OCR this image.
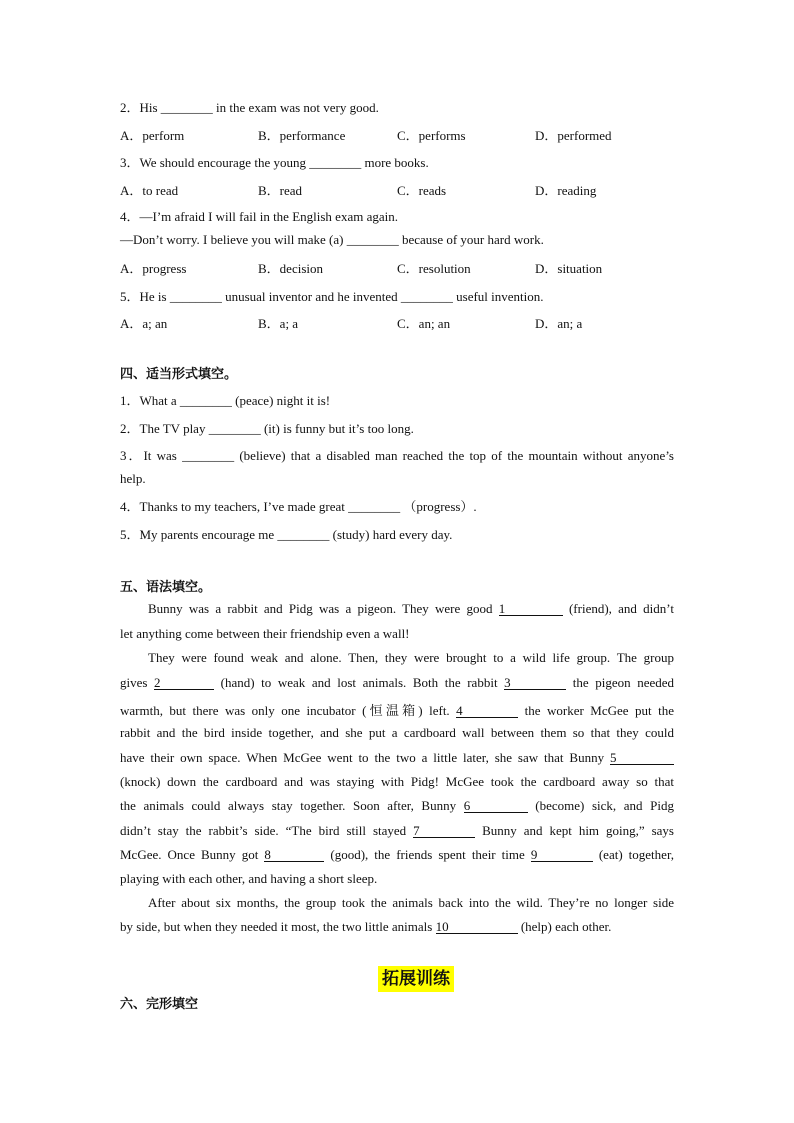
2．His ________ in the exam was not very good.
A．perform	B．performance	C．performs	D．performed
3．We should encourage the young ________ more books.
A．to read	B．read	C．reads	D．reading
4．—I’m afraid I will fail in the English exam again.
—Don’t worry. I believe you will make (a) ________ because of your hard work.
A．progress	B．decision	C．resolution	D．situation
5．He is ________ unusual inventor and he invented ________ useful invention.
A．a; an	B．a; a	C．an; an	D．an; a
四、适当形式填空。
1．What a ________ (peace) night it is!
2．The TV play ________ (it) is funny but it’s too long.
3．It was ________ (believe) that a disabled man reached the top of the mountain without anyone’s
help.
4．Thanks to my teachers, I’ve made great ________ （progress）.
5．My parents encourage me ________ (study) hard every day.
五、语法填空。
Bunny was a rabbit and Pidg was a pigeon. They were good 1	(friend), and didn’t
let anything come between their friendship even a wall!
They were found weak and alone. Then, they were brought to a wild life group. The group
gives 2	(hand) to weak and lost animals. Both the rabbit 3	the pigeon needed
warmth, but there was only one incubator (恒温箱) left. 4	the worker McGee put the
rabbit and the bird inside together, and she put a cardboard wall between them so that they could
have their own space. When McGee went to the two a little later, she saw that Bunny 5
(knock) down the cardboard and was staying with Pidg! McGee took the cardboard away so that
the animals could always stay together. Soon after, Bunny 6	(become) sick, and Pidg
didn’t stay the rabbit’s side. “The bird still stayed 7	Bunny and kept him going,” says
McGee. Once Bunny got 8	(good), the friends spent their time 9	(eat) together,
playing with each other, and having a short sleep.
After about six months, the group took the animals back into the wild. They’re no longer side
by side, but when they needed it most, the two little animals 10	(help) each other.
拓展训练
六、完形填空
